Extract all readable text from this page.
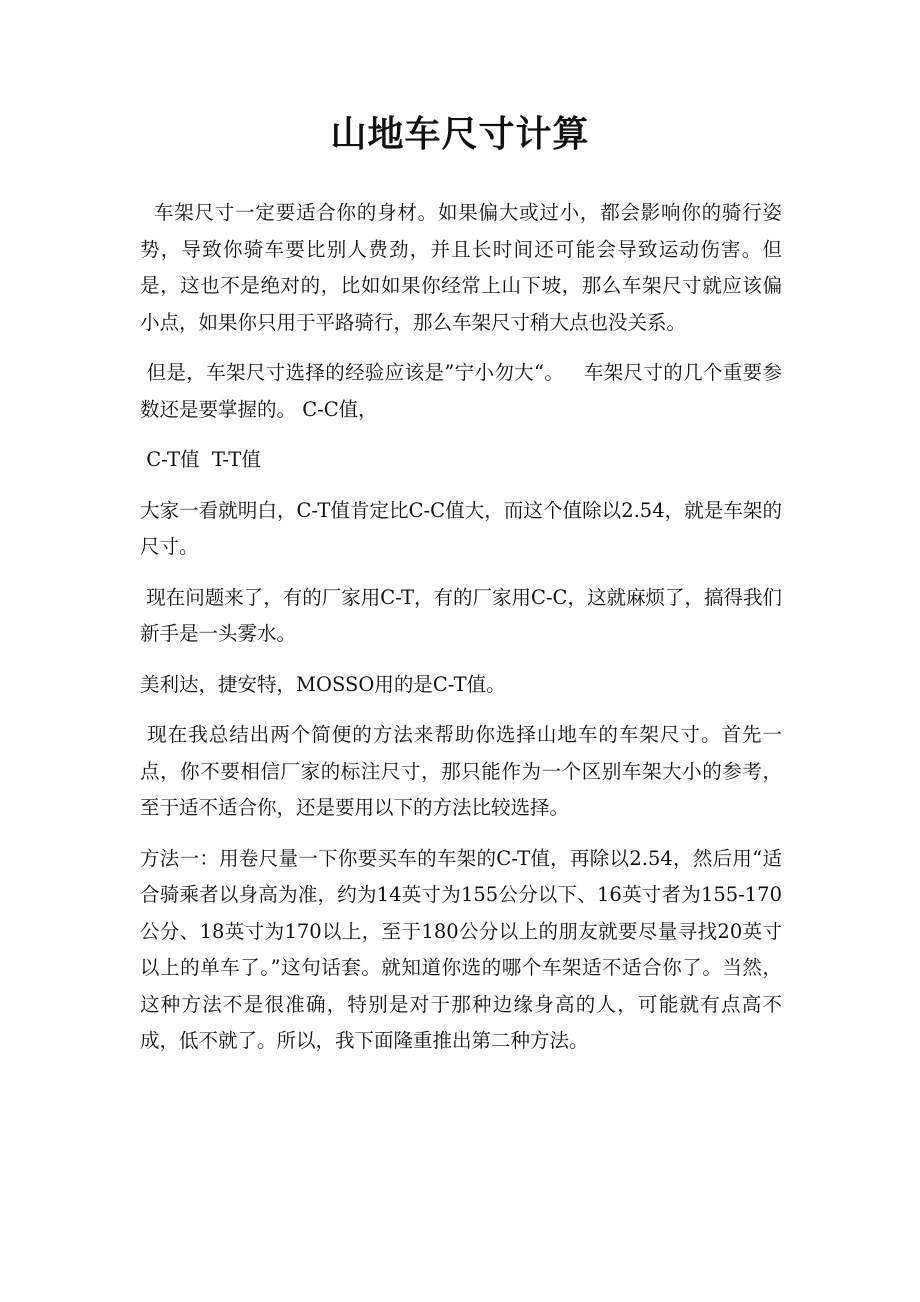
山地车尺寸计算

车架尺寸一定要适合你的身材。如果偏大或过小，都会影响你的骑行姿势，导致你骑车要比别人费劲，并且长时间还可能会导致运动伤害。但是，这也不是绝对的，比如如果你经常上山下坡，那么车架尺寸就应该偏小点，如果你只用于平路骑行，那么车架尺寸稍大点也没关系。

但是，车架尺寸选择的经验应该是”宁小勿大“。   车架尺寸的几个重要参数还是要掌握的。 C-C值，

C-T值  T-T值

大家一看就明白，C-T值肯定比C-C值大，而这个值除以2.54，就是车架的尺寸。

现在问题来了，有的厂家用C-T，有的厂家用C-C，这就麻烦了，搞得我们新手是一头雾水。

美利达，捷安特，MOSSO用的是C-T值。

现在我总结出两个简便的方法来帮助你选择山地车的车架尺寸。首先一点，你不要相信厂家的标注尺寸，那只能作为一个区别车架大小的参考，至于适不适合你，还是要用以下的方法比较选择。

方法一：用卷尺量一下你要买车的车架的C-T值，再除以2.54，然后用“适合骑乘者以身高为准，约为14英寸为155公分以下、16英寸者为155-170公分、18英寸为170以上，至于180公分以上的朋友就要尽量寻找20英寸以上的单车了。”这句话套。就知道你选的哪个车架适不适合你了。当然，这种方法不是很准确，特别是对于那种边缘身高的人，可能就有点高不成，低不就了。所以，我下面隆重推出第二种方法。
